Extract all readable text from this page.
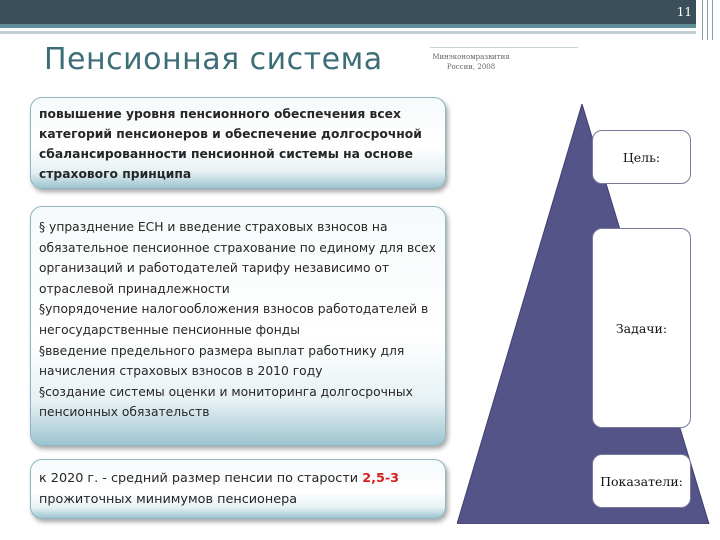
11
Пенсионная система	Минэкономразвития
России, 2008
повышение уровня пенсионного обеспечения всех категорий пенсионеров и обеспечение долгосрочной сбалансированности пенсионной системы на основе страхового принципа
§ упразднение ЕСН и введение страховых взносов на обязательное пенсионное страхование по единому для всех организаций и работодателей тарифу независимо от отраслевой принадлежности
§упорядочение налогообложения взносов работодателей в негосударственные пенсионные фонды
§введение предельного размера выплат работнику для начисления страховых взносов в 2010 году
§создание системы оценки и мониторинга долгосрочных пенсионных обязательств
к 2020 г. - средний размер пенсии по старости 2,5-3 прожиточных минимумов пенсионера
Цель:
Задачи:
Показатели:
